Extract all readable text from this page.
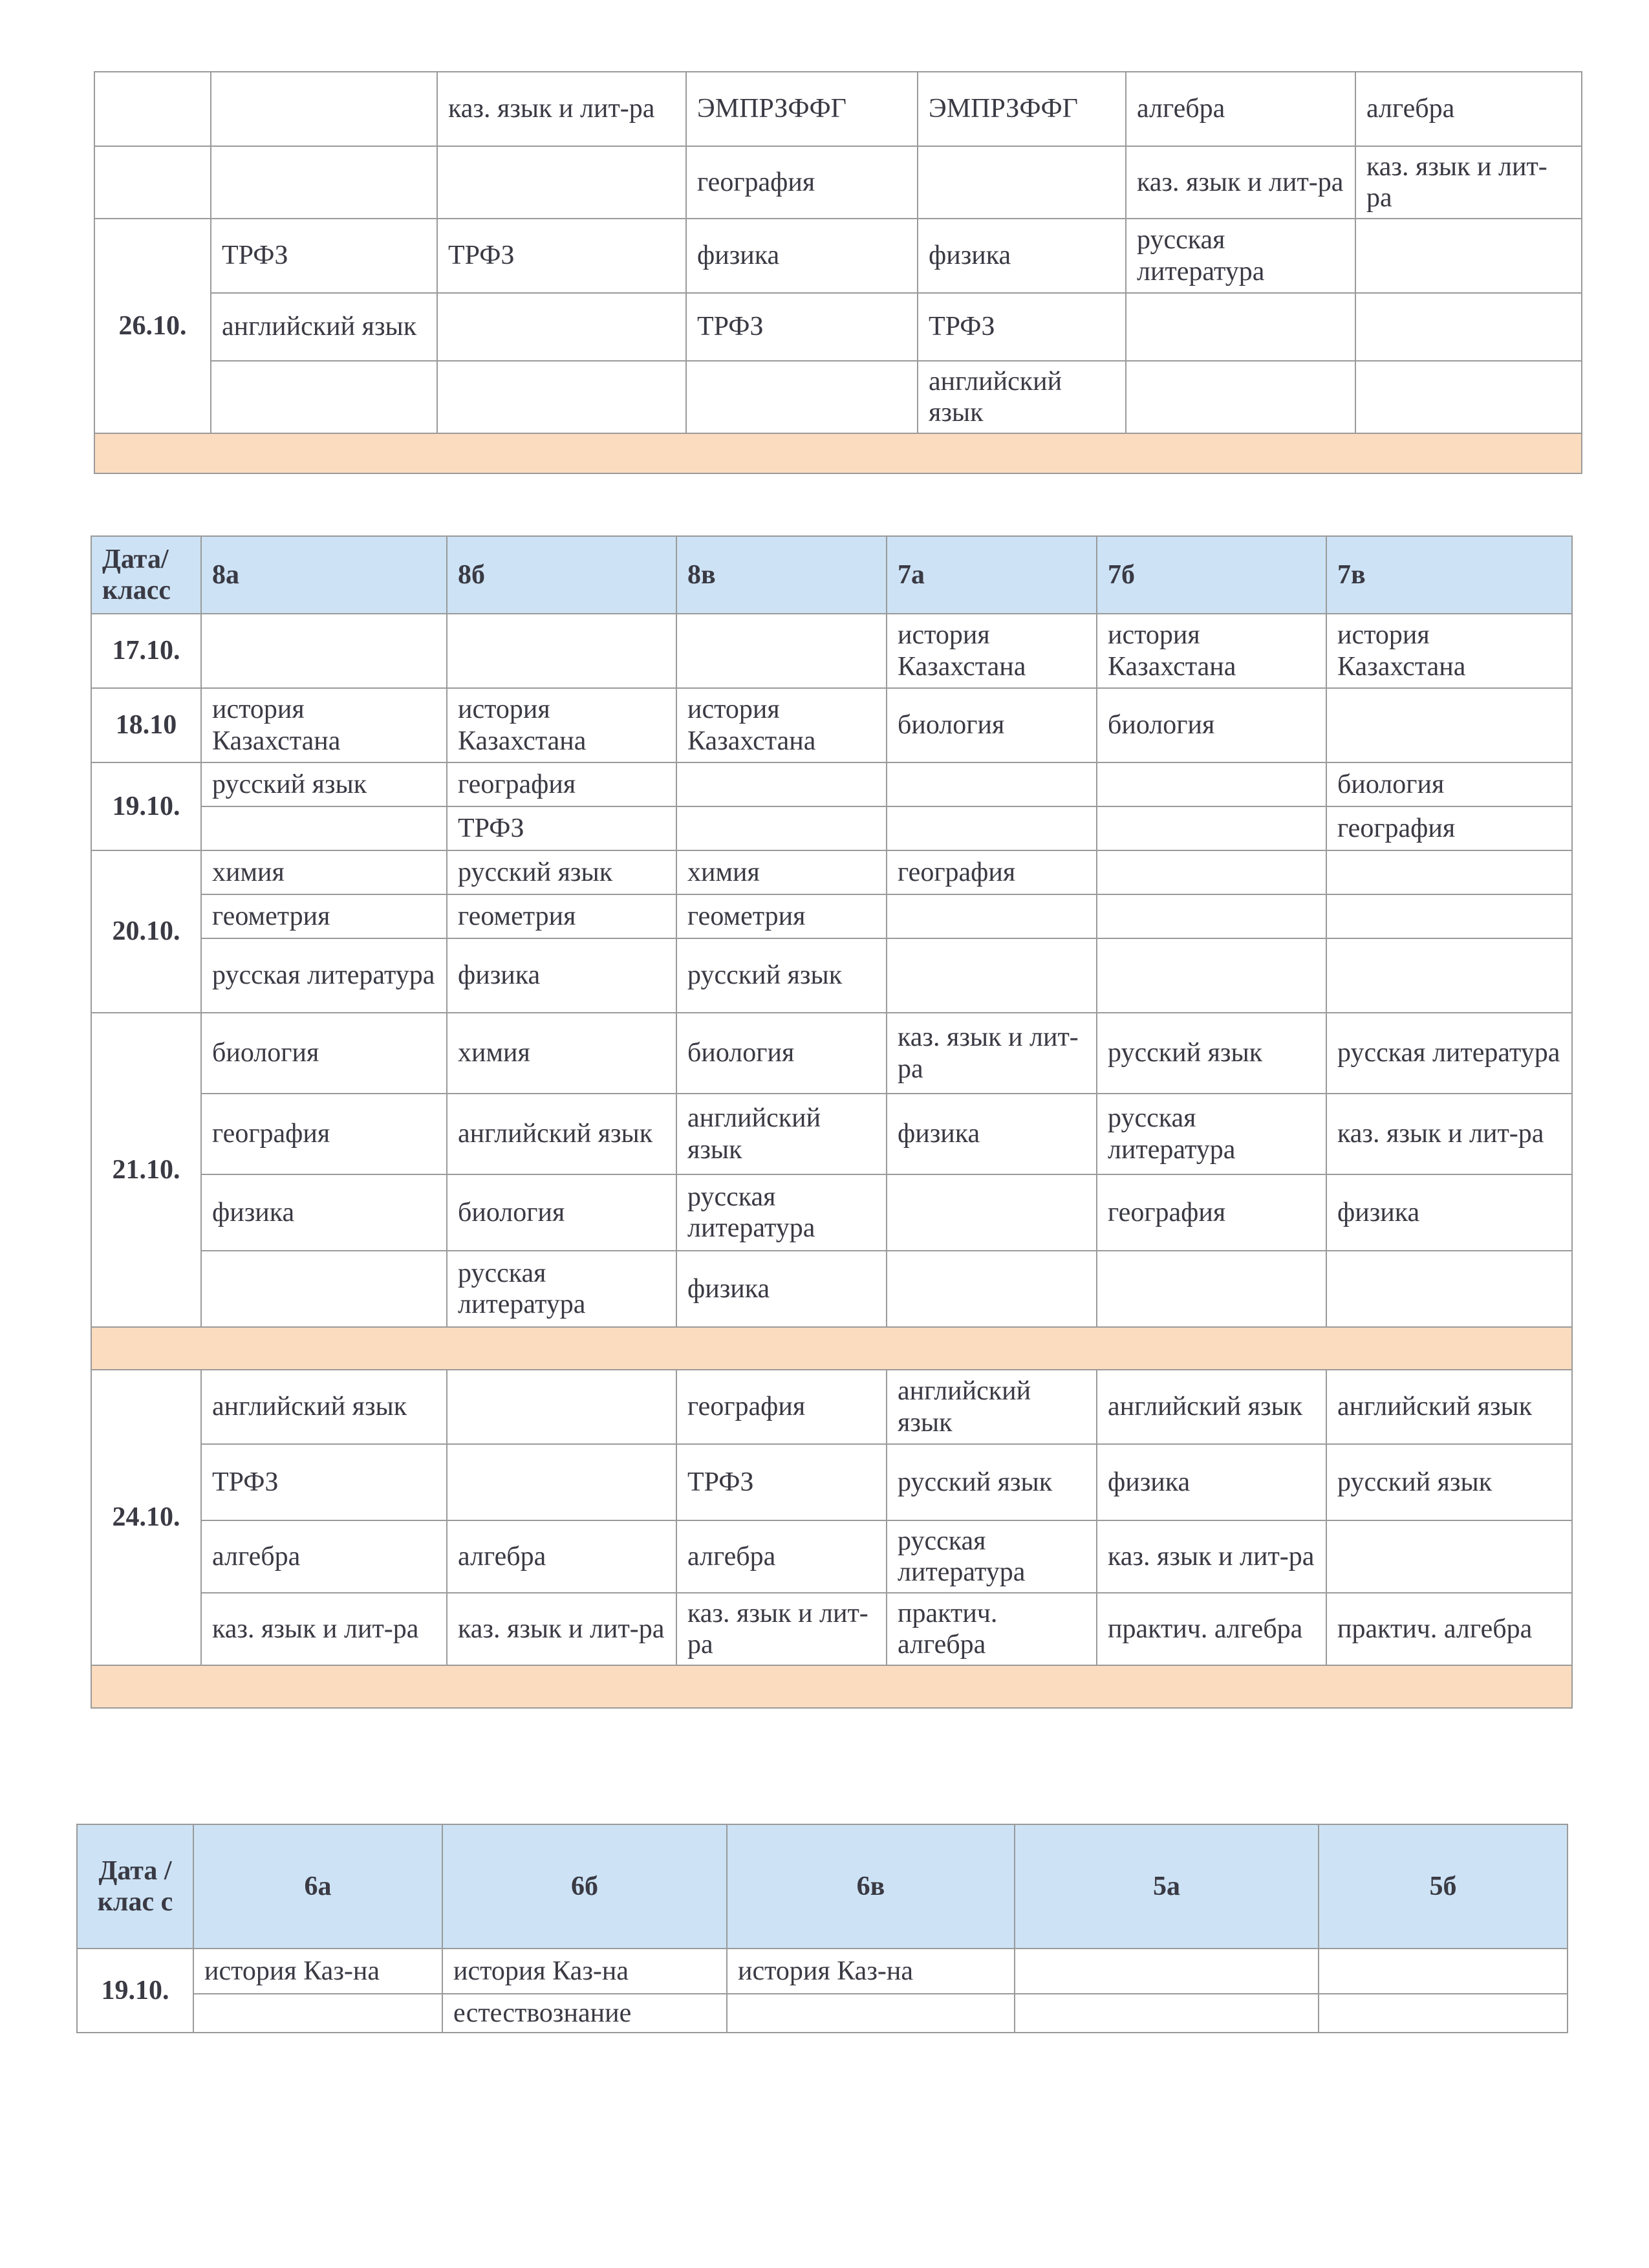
		каз. язык и лит-ра	ЭМПРЗФФГ	ЭМПРЗФФГ	алгебра	алгебра
			география		каз. язык и лит-ра	каз. язык и лит-ра
26.10.	ТРФЗ	ТРФЗ	физика	физика	русская литература	
	английский язык		ТРФЗ	ТРФЗ		
				английский язык		

Дата/ класс	8а	8б	8в	7а	7б	7в
17.10.				история Казахстана	история Казахстана	история Казахстана
18.10	история Казахстана	история Казахстана	история Казахстана	биология	биология	
19.10.	русский язык	география				биология
		ТРФЗ				география
20.10.	химия	русский язык	химия	география		
	геометрия	геометрия	геометрия			
	русская литература	физика	русский язык			
21.10.	биология	химия	биология	каз. язык и лит-ра	русский язык	русская литература
	география	английский язык	английский язык	физика	русская литература	каз. язык и лит-ра
	физика	биология	русская литература		география	физика
		русская литература	физика			

24.10.	английский язык		география	английский язык	английский язык	английский язык
	ТРФЗ		ТРФЗ	русский язык	физика	русский язык
	алгебра	алгебра	алгебра	русская литература	каз. язык и лит-ра	
	каз. язык и лит-ра	каз. язык и лит-ра	каз. язык и лит-ра	практич. алгебра	практич. алгебра	практич. алгебра

Дата /клас с	6а	6б	6в	5а	5б
19.10.	история Каз-на	история Каз-на	история Каз-на		
		естествознание			
